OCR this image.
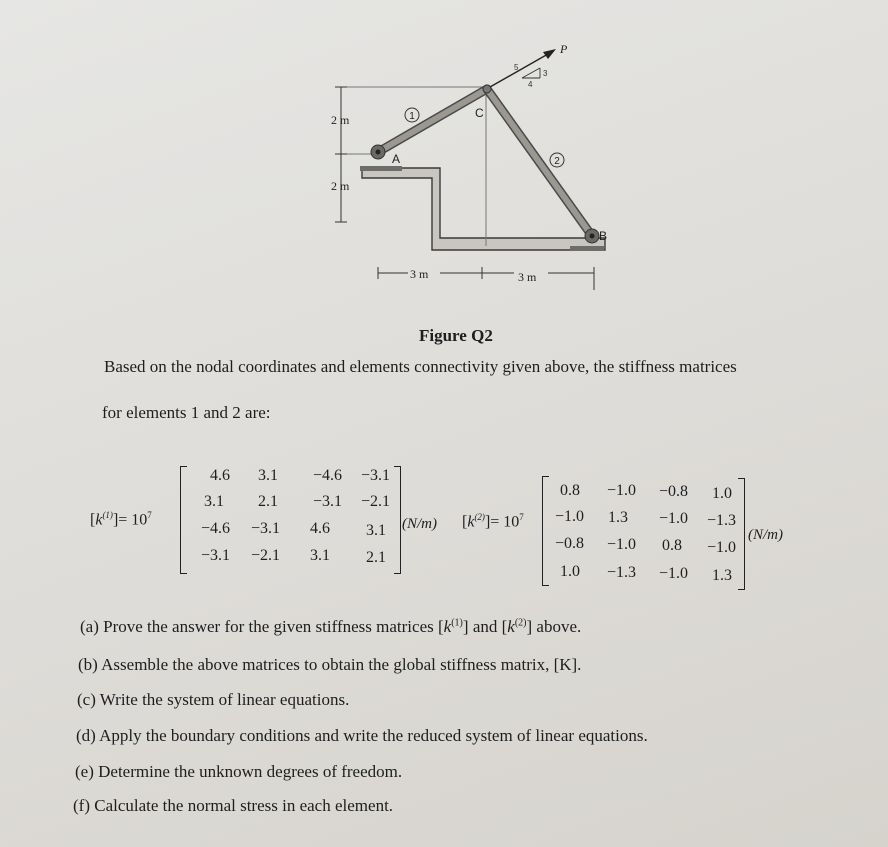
2 m
2 m
3 m	3 m
A
C
B
1
2
P
5
3
4
Figure Q2
Based on the nodal coordinates and elements connectivity given above, the stiffness matrices
for elements 1 and 2 are:
$[k^{(1)}]= 10^7$
4.6	3.1	−4.6	−3.1
3.1	2.1	−3.1	−2.1
−4.6	−3.1	4.6	3.1
−3.1	−2.1	3.1	2.1
(N/m) $[k^{(2)}]= 10^7$
0.8	−1.0	−0.8	1.0
−1.0	1.3	−1.0	−1.3
−0.8	−1.0	0.8	−1.0
1.0	−1.3	−1.0	1.3
(N/m)
(a) Prove the answer for the given stiffness matrices $[k^{(1)}]$ and $[k^{(2)}]$ above.
(b) Assemble the above matrices to obtain the global stiffness matrix, [K].
(c) Write the system of linear equations.
(d) Apply the boundary conditions and write the reduced system of linear equations.
(e) Determine the unknown degrees of freedom.
(f) Calculate the normal stress in each element.
